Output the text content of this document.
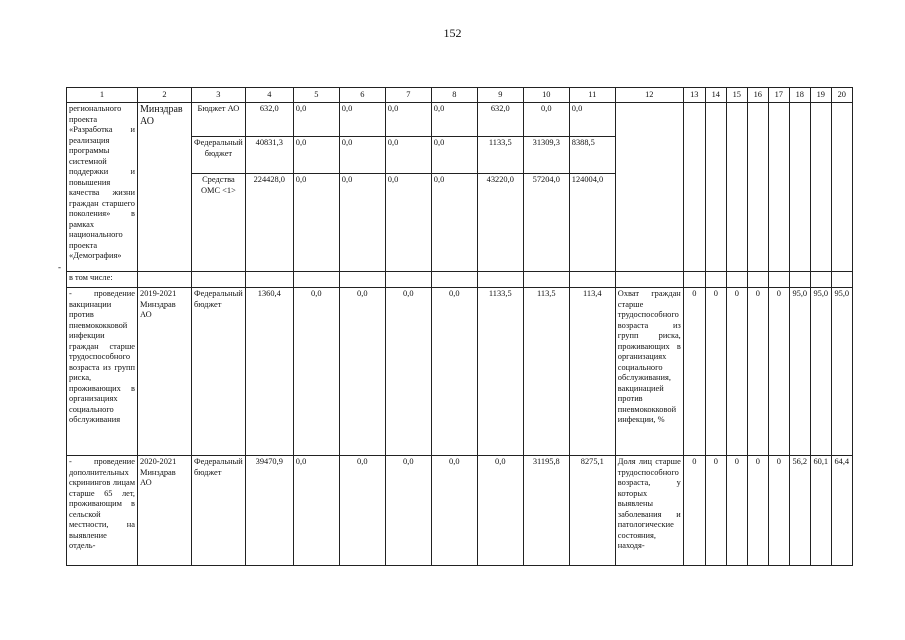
152
-
1	2	3	4	5	6	7	8	9	10	11	12	13	14	15	16	17	18	19	20
регионального проекта «Разработка и реализация программы системной поддержки и повышения качества жизни граждан старшего поколения» в рамках национального проекта «Демография»	Минздрав АО	Бюджет АО	632,0	0,0	0,0	0,0	0,0	632,0	0,0	0,0									
		Федеральный бюджет	40831,3	0,0	0,0	0,0	0,0	1133,5	31309,3	8388,5									
		Средства ОМС <1>	224428,0	0,0	0,0	0,0	0,0	43220,0	57204,0	124004,0									
в том числе:																			
- проведение вакцинации против пневмококковой инфекции граждан старше трудоспособного возраста из групп риска, проживающих в организациях социального обслуживания	2019-2021 Минздрав АО	Федеральный бюджет	1360,4	0,0	0,0	0,0	0,0	1133,5	113,5	113,4	Охват граждан старше трудоспособного возраста из групп риска, проживающих в организациях социального обслуживания, вакцинацией против пневмококковой инфекции, %	0	0	0	0	0	95,0	95,0	95,0
- проведение дополнительных скринингов лицам старше 65 лет, проживающим в сельской местности, на выявление отдель-	2020-2021 Минздрав АО	Федеральный бюджет	39470,9	0,0	0,0	0,0	0,0	0,0	31195,8	8275,1	Доля лиц старше трудоспособного возраста, у которых выявлены заболевания и патологические состояния, находя-	0	0	0	0	0	56,2	60,1	64,4
